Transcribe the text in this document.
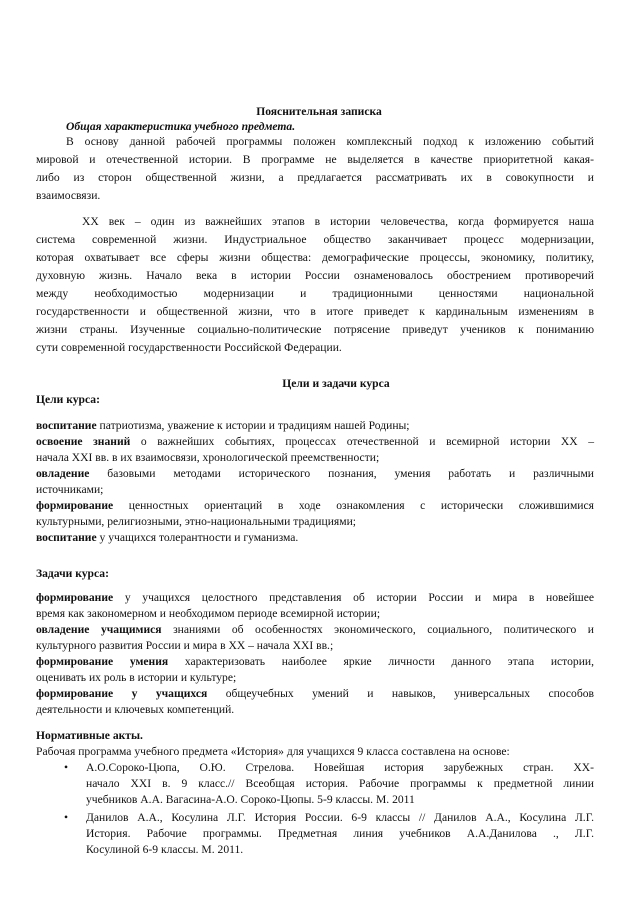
Пояснительная записка
Общая характеристика учебного предмета.
В основу данной рабочей программы положен комплексный подход к изложению событий
мировой и отечественной истории. В программе не выделяется в качестве приоритетной какая-
либо из сторон общественной жизни, а предлагается рассматривать их в совокупности и
взаимосвязи.
XX век – один из важнейших этапов в истории человечества, когда формируется наша
система современной жизни. Индустриальное общество заканчивает процесс модернизации,
которая охватывает все сферы жизни общества: демографические процессы, экономику, политику,
духовную жизнь. Начало века в истории России ознаменовалось обострением противоречий
между необходимостью модернизации и традиционными ценностями национальной
государственности и общественной жизни, что в итоге приведет к кардинальным изменениям в
жизни страны. Изученные социально-политические потрясение приведут учеников к пониманию
сути современной государственности Российской Федерации.
Цели и задачи курса
Цели курса:
воспитание патриотизма, уважение к истории и традициям нашей Родины;
освоение знаний о важнейших событиях, процессах отечественной и всемирной истории XX –
начала XXI вв. в их взаимосвязи, хронологической преемственности;
овладение базовыми методами исторического познания, умения работать и различными
источниками;
формирование ценностных ориентаций в ходе ознакомления с исторически сложившимися
культурными, религиозными, этно-национальными традициями;
воспитание у учащихся толерантности и гуманизма.
Задачи курса:
формирование у учащихся целостного представления об истории России и мира в новейшее
время как закономерном и необходимом периоде всемирной истории;
овладение учащимися знаниями об особенностях экономического, социального, политического и
культурного развития России и мира в XX – начала XXI вв.;
формирование умения характеризовать наиболее яркие личности данного этапа истории,
оценивать их роль в истории и культуре;
формирование у учащихся общеучебных умений и навыков, универсальных способов
деятельности и ключевых компетенций.
Нормативные акты.
Рабочая программа учебного предмета «История» для учащихся 9 класса составлена на основе:
• А.О.Сороко-Цюпа, О.Ю. Стрелова. Новейшая история зарубежных стран. XX-
начало XXI в. 9 класс.// Всеобщая история. Рабочие программы к предметной линии
учебников А.А. Вагасина-А.О. Сороко-Цюпы. 5-9 классы. М. 2011
• Данилов А.А., Косулина Л.Г. История России. 6-9 классы // Данилов А.А., Косулина Л.Г.
История. Рабочие программы. Предметная линия учебников А.А.Данилова ., Л.Г.
Косулиной 6-9 классы. М. 2011.
